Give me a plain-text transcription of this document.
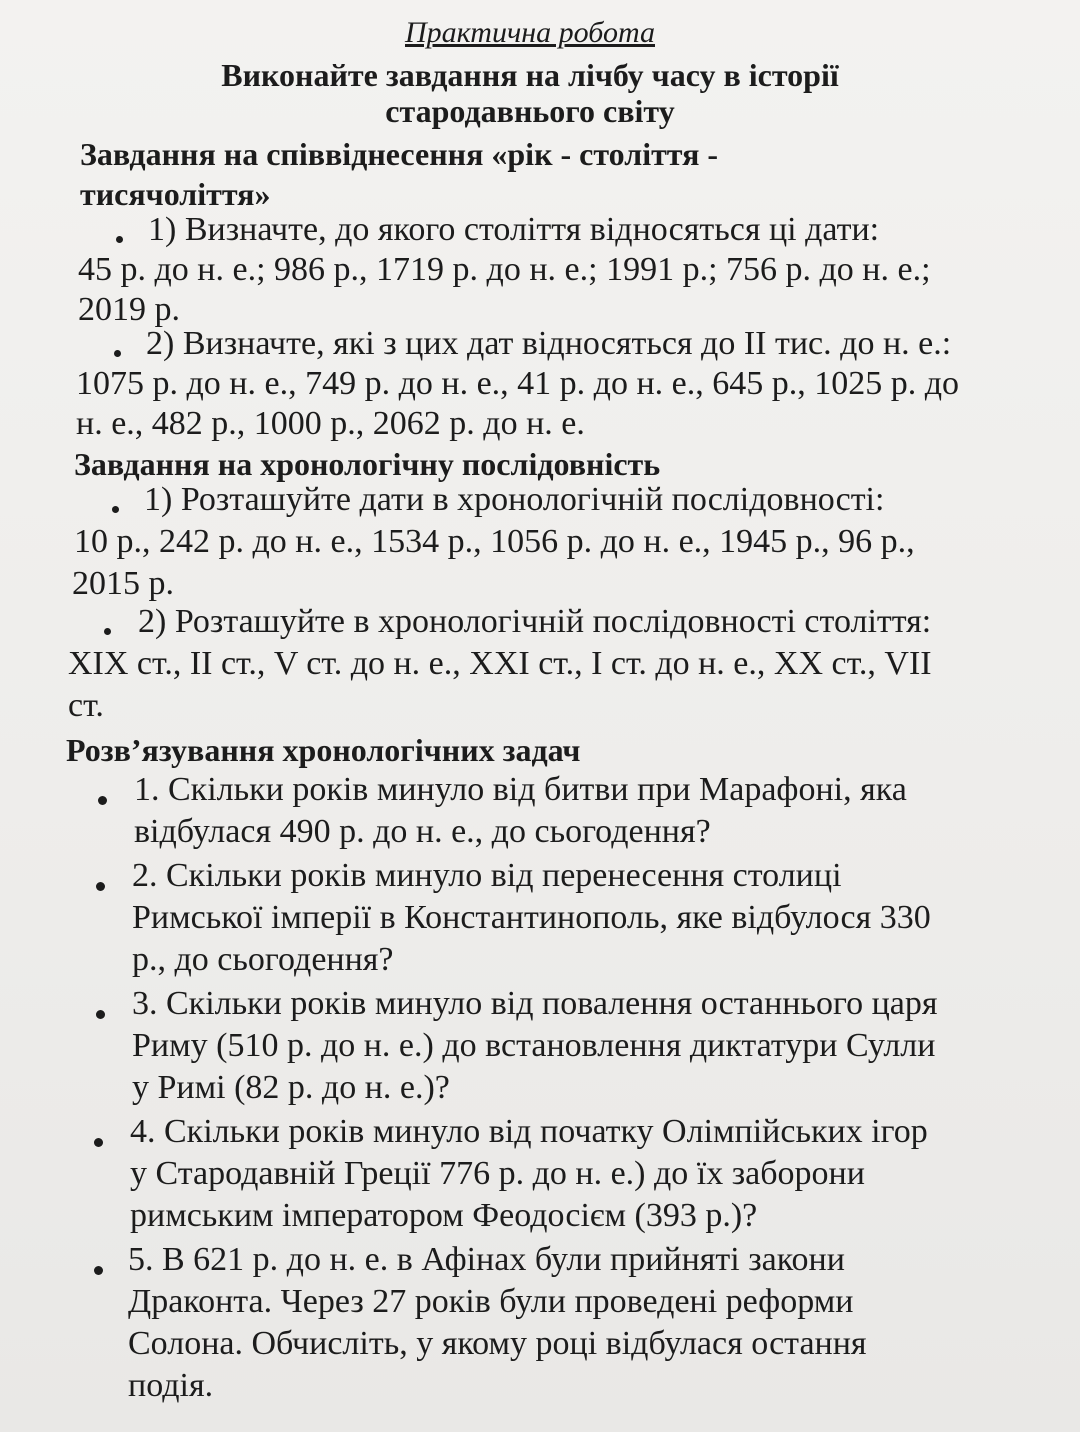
Практична робота
Виконайте завдання на лічбу часу в історії
стародавнього світу
Завдання на співвіднесення «рік - століття -
тисячоліття»
1) Визначте, до якого століття відносяться ці дати:
45 р. до н. е.; 986 р., 1719 р. до н. е.; 1991 р.; 756 р. до н. е.;
2019 р.
2) Визначте, які з цих дат відносяться до II тис. до н. е.:
1075 р. до н. е., 749 р. до н. е., 41 р. до н. е., 645 р., 1025 р. до
н. е., 482 р., 1000 р., 2062 р. до н. е.
Завдання на хронологічну послідовність
1) Розташуйте дати в хронологічній послідовності:
10 р., 242 р. до н. е., 1534 р., 1056 р. до н. е., 1945 р., 96 р.,
2015 р.
2) Розташуйте в хронологічній послідовності століття:
XIX ст., II ст., V ст. до н. е., XXI ст., I ст. до н. е., XX ст., VII
ст.
Розв’язування хронологічних задач
1. Скільки років минуло від битви при Марафоні, яка
відбулася 490 р. до н. е., до сьогодення?
2. Скільки років минуло від перенесення столиці
Римської імперії в Константинополь, яке відбулося 330
р., до сьогодення?
3. Скільки років минуло від повалення останнього царя
Риму (510 р. до н. е.) до встановлення диктатури Сулли
у Римі (82 р. до н. е.)?
4. Скільки років минуло від початку Олімпійських ігор
у Стародавній Греції 776 р. до н. е.) до їх заборони
римським імператором Феодосієм (393 р.)?
5. В 621 р. до н. е. в Афінах були прийняті закони
Драконта. Через 27 років були проведені реформи
Солона. Обчисліть, у якому році відбулася остання
подія.
